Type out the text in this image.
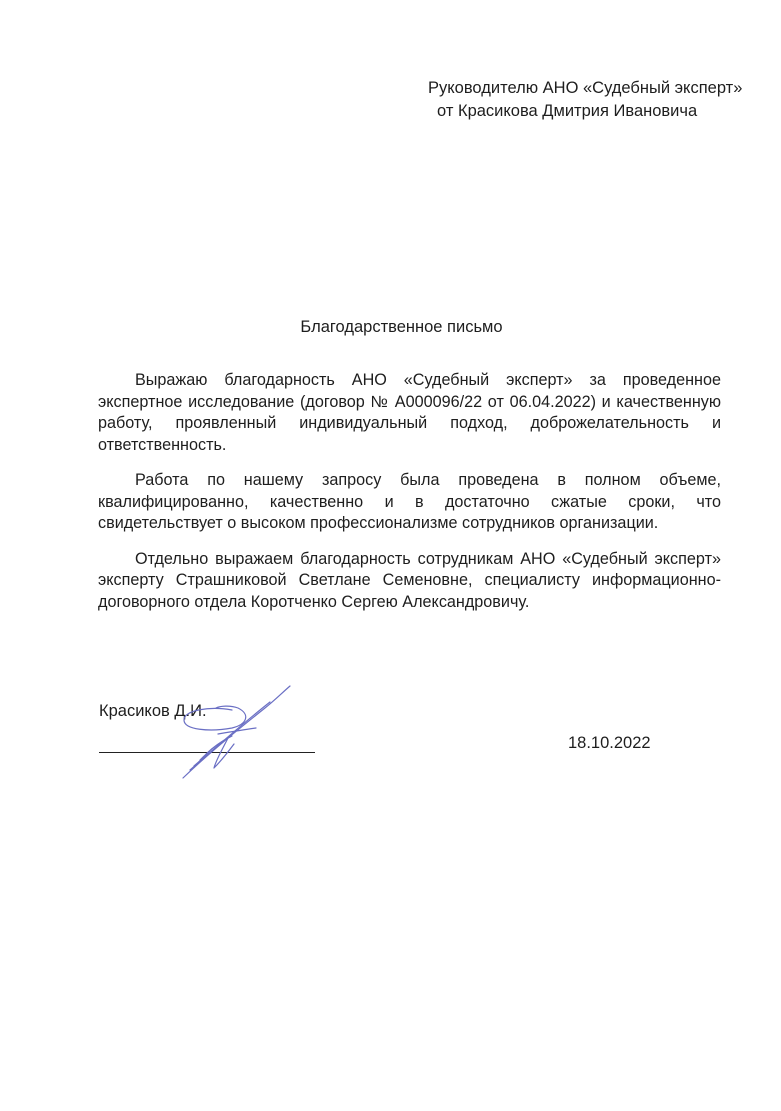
Руководителю АНО «Судебный эксперт»
от Красикова Дмитрия Ивановича
Благодарственное письмо

Выражаю благодарность АНО «Судебный эксперт» за проведенное экспертное исследование (договор № А000096/22 от 06.04.2022) и качественную работу, проявленный индивидуальный подход, доброжелательность и ответственность.

Работа по нашему запросу была проведена в полном объеме, квалифицированно, качественно и в достаточно сжатые сроки, что свидетельствует о высоком профессионализме сотрудников организации.

Отдельно выражаем благодарность сотрудникам АНО «Судебный эксперт» эксперту Страшниковой Светлане Семеновне, специалисту информационно-договорного отдела Коротченко Сергею Александровичу.

Красиков Д.И.
18.10.2022
